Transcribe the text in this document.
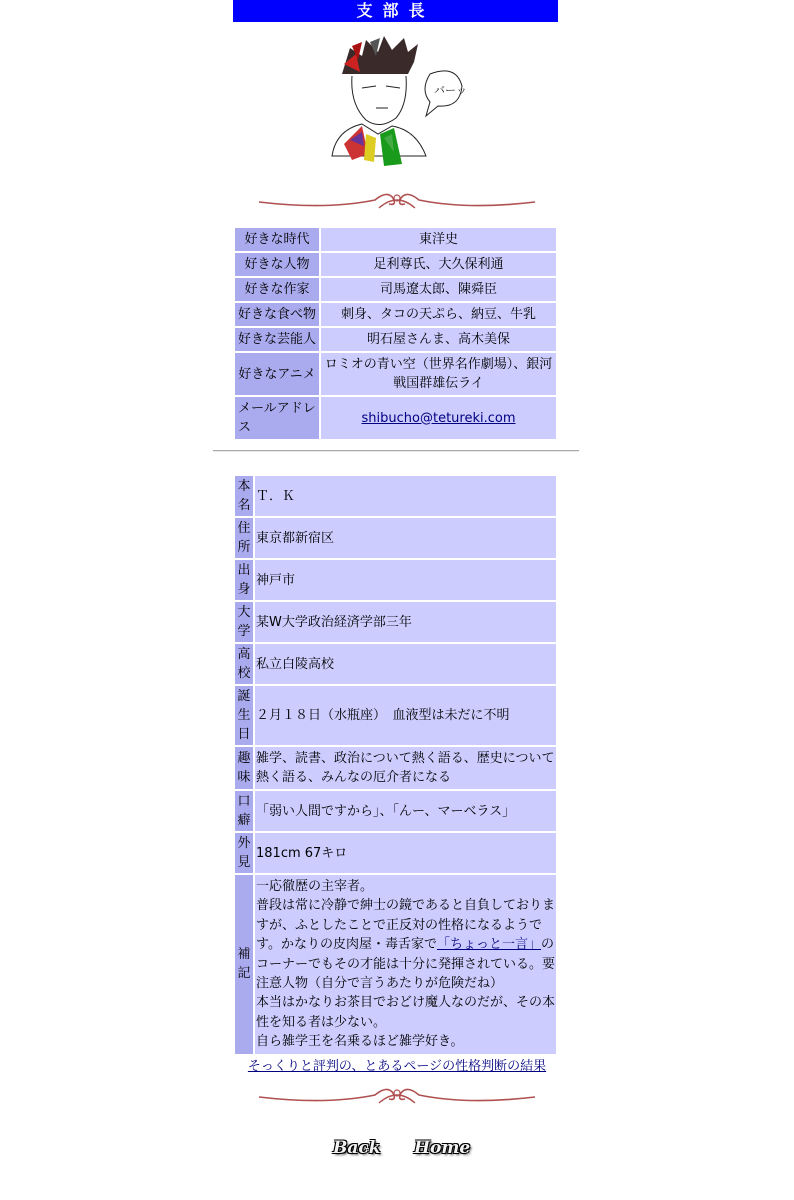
支部長
バーッ
好きな時代	東洋史
好きな人物	足利尊氏、大久保利通
好きな作家	司馬遼太郎、陳舜臣
好きな食べ物	刺身、タコの天ぷら、納豆、牛乳
好きな芸能人	明石屋さんま、高木美保
好きなアニメ	ロミオの青い空（世界名作劇場）、銀河戦国群雄伝ライ
メールアドレス	shibucho@tetureki.com
本名	Ｔ．Ｋ
住所	東京都新宿区
出身	神戸市
大学	某W大学政治経済学部三年
高校	私立白陵高校
誕生日	２月１８日（水瓶座）　血液型は未だに不明
趣味	雑学、読書、政治について熱く語る、歴史について熱く語る、みんなの厄介者になる
口癖	「弱い人間ですから」、「んー、マーベラス」
外見	181cm 67キロ
補記	一応徹歴の主宰者。
普段は常に冷静で紳士の鏡であると自負しておりますが、ふとしたことで正反対の性格になるようです。かなりの皮肉屋・毒舌家で「ちょっと一言」のコーナーでもその才能は十分に発揮されている。要注意人物（自分で言うあたりが危険だね）
本当はかなりお茶目でおどけ魔人なのだが、その本性を知る者は少ない。
自ら雑学王を名乗るほど雑学好き。
そっくりと評判の、とあるページの性格判断の結果
Back Home
